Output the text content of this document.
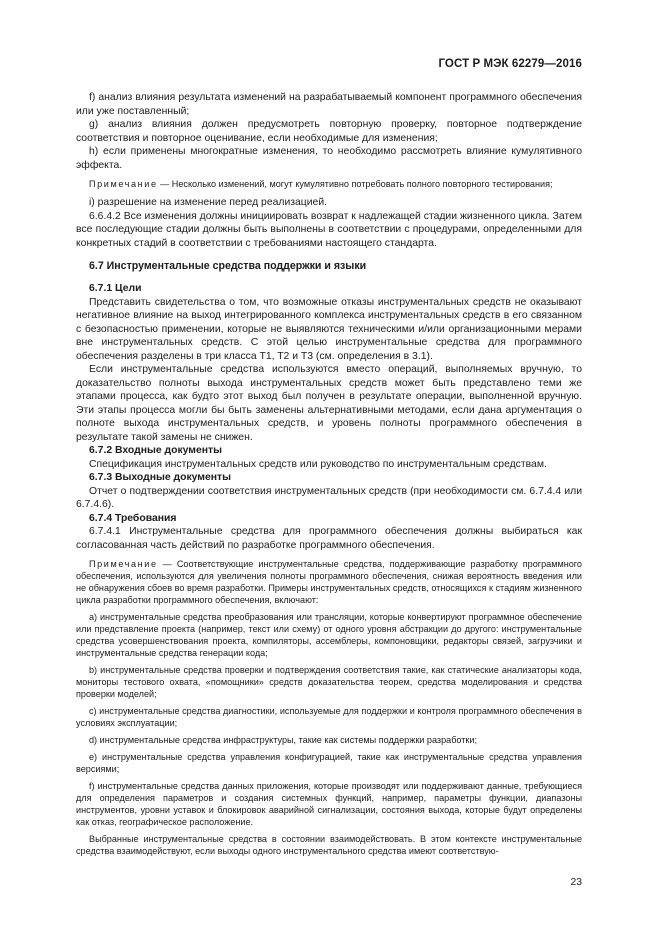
ГОСТ Р МЭК 62279—2016

f) анализ влияния результата изменений на разрабатываемый компонент программного обеспечения или уже поставленный;

g) анализ влияния должен предусмотреть повторную проверку, повторное подтверждение соответствия и повторное оценивание, если необходимые для изменения;

h) если применены многократные изменения, то необходимо рассмотреть влияние кумулятивного эффекта.

Примечание — Несколько изменений, могут кумулятивно потребовать полного повторного тестирования;

i) разрешение на изменение перед реализацией.

6.6.4.2 Все изменения должны инициировать возврат к надлежащей стадии жизненного цикла. Затем все последующие стадии должны быть выполнены в соответствии с процедурами, определенными для конкретных стадий в соответствии с требованиями настоящего стандарта.

6.7 Инструментальные средства поддержки и языки

6.7.1 Цели

Представить свидетельства о том, что возможные отказы инструментальных средств не оказывают негативное влияние на выход интегрированного комплекса инструментальных средств в его связанном с безопасностью применении, которые не выявляются техническими и/или организационными мерами вне инструментальных средств. С этой целью инструментальные средства для программного обеспечения разделены в три класса T1, T2 и T3 (см. определения в 3.1).

Если инструментальные средства используются вместо операций, выполняемых вручную, то доказательство полноты выхода инструментальных средств может быть представлено теми же этапами процесса, как будто этот выход был получен в результате операции, выполненной вручную. Эти этапы процесса могли бы быть заменены альтернативными методами, если дана аргументация о полноте выхода инструментальных средств, и уровень полноты программного обеспечения в результате такой замены не снижен.

6.7.2 Входные документы

Спецификация инструментальных средств или руководство по инструментальным средствам.

6.7.3 Выходные документы

Отчет о подтверждении соответствия инструментальных средств (при необходимости см. 6.7.4.4 или 6.7.4.6).

6.7.4 Требования

6.7.4.1 Инструментальные средства для программного обеспечения должны выбираться как согласованная часть действий по разработке программного обеспечения.

Примечание — Соответствующие инструментальные средства, поддерживающие разработку программного обеспечения, используются для увеличения полноты программного обеспечения, снижая вероятность введения или не обнаружения сбоев во время разработки. Примеры инструментальных средств, относящихся к стадиям жизненного цикла разработки программного обеспечения, включают:

a) инструментальные средства преобразования или трансляции, которые конвертируют программное обеспечение или представление проекта (например, текст или схему) от одного уровня абстракции до другого: инструментальные средства усовершенствования проекта, компиляторы, ассемблеры, компоновщики, редакторы связей, загрузчики и инструментальные средства генерации кода;

b) инструментальные средства проверки и подтверждения соответствия такие, как статические анализаторы кода, мониторы тестового охвата, «помощники» средств доказательства теорем, средства моделирования и средства проверки моделей;

c) инструментальные средства диагностики, используемые для поддержки и контроля программного обеспечения в условиях эксплуатации;

d) инструментальные средства инфраструктуры, такие как системы поддержки разработки;

e) инструментальные средства управления конфигурацией, такие как инструментальные средства управления версиями;

f) инструментальные средства данных приложения, которые производят или поддерживают данные, требующиеся для определения параметров и создания системных функций, например, параметры функции, диапазоны инструментов, уровни уставок и блокировок аварийной сигнализации, состояния выхода, которые будут определены как отказ, географическое расположение.

Выбранные инструментальные средства в состоянии взаимодействовать. В этом контексте инструментальные средства взаимодействуют, если выходы одного инструментального средства имеют соответствую-

23
